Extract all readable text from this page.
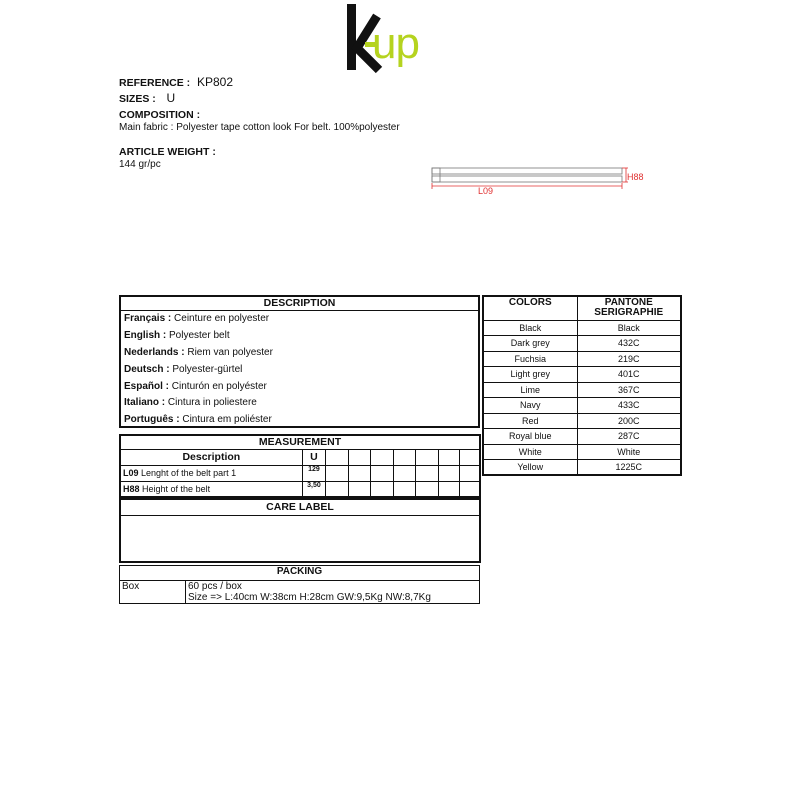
up
REFERENCE : KP802
SIZES : U
COMPOSITION :
Main fabric : Polyester tape cotton look For belt. 100%polyester
ARTICLE WEIGHT :
144 gr/pc
H88
L09
DESCRIPTION
Français : Ceinture en polyester
English : Polyester belt
Nederlands : Riem van polyester
Deutsch : Polyester-gürtel
Español : Cinturón en polyéster
Italiano : Cintura in poliestere
Português : Cintura em poliéster
MEASUREMENT								
Description	U							
L09 Lenght of the belt part 1	129							
H88 Height of the belt	3,50							
COLORS	PANTONE SERIGRAPHIE
Black	Black
Dark grey	432C
Fuchsia	219C
Light grey	401C
Lime	367C
Navy	433C
Red	200C
Royal blue	287C
White	White
Yellow	1225C
CARE LABEL
PACKING
Box	60 pcs / box
Size => L:40cm W:38cm H:28cm GW:9,5Kg NW:8,7Kg
